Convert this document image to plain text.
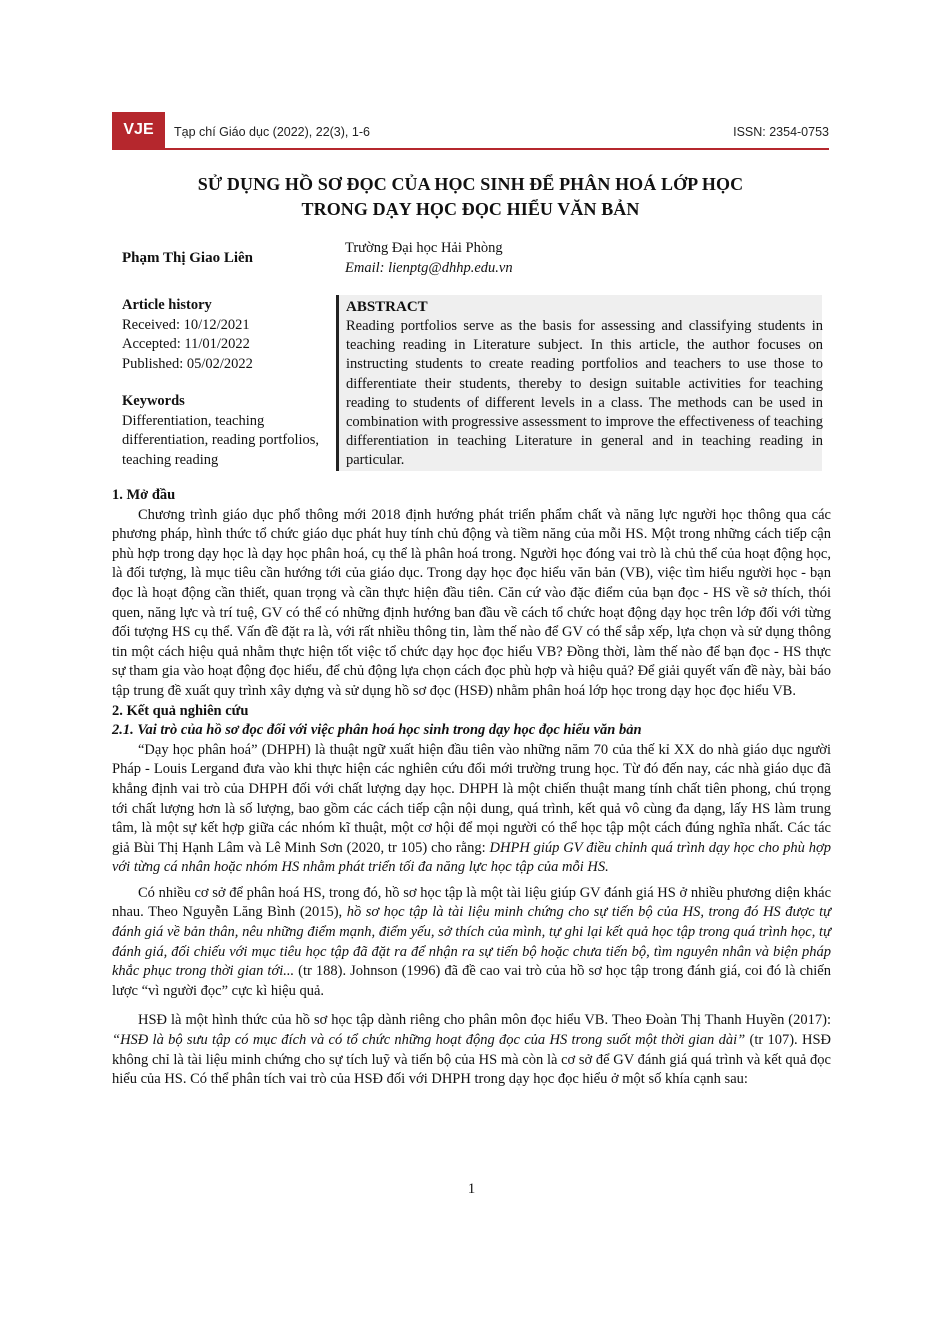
VJE	Tạp chí Giáo dục (2022), 22(3), 1-6	ISSN: 2354-0753
SỬ DỤNG HỒ SƠ ĐỌC CỦA HỌC SINH ĐỂ PHÂN HOÁ LỚP HỌC
TRONG DẠY HỌC ĐỌC HIỂU VĂN BẢN
Phạm Thị Giao Liên
Trường Đại học Hải Phòng
Email: lienptg@dhhp.edu.vn
Article history
Received: 10/12/2021
Accepted: 11/01/2022
Published: 05/02/2022
Keywords
Differentiation, teaching differentiation, reading portfolios, teaching reading
ABSTRACT
Reading portfolios serve as the basis for assessing and classifying students in teaching reading in Literature subject. In this article, the author focuses on instructing students to create reading portfolios and teachers to use those to differentiate their students, thereby to design suitable activities for teaching reading to students of different levels in a class. The methods can be used in combination with progressive assessment to improve the effectiveness of teaching differentiation in teaching Literature in general and in teaching reading in particular.

1. Mở đầu

Chương trình giáo dục phổ thông mới 2018 định hướng phát triển phẩm chất và năng lực người học thông qua các phương pháp, hình thức tổ chức giáo dục phát huy tính chủ động và tiềm năng của mỗi HS. Một trong những cách tiếp cận phù hợp trong dạy học là dạy học phân hoá, cụ thể là phân hoá trong. Người học đóng vai trò là chủ thể của hoạt động học, là đối tượng, là mục tiêu cần hướng tới của giáo dục. Trong dạy học đọc hiểu văn bản (VB), việc tìm hiểu người học - bạn đọc là hoạt động cần thiết, quan trọng và cần thực hiện đầu tiên. Căn cứ vào đặc điểm của bạn đọc - HS về sở thích, thói quen, năng lực và trí tuệ, GV có thể có những định hướng ban đầu về cách tổ chức hoạt động dạy học trên lớp đối với từng đối tượng HS cụ thể. Vấn đề đặt ra là, với rất nhiều thông tin, làm thế nào để GV có thể sắp xếp, lựa chọn và sử dụng thông tin một cách hiệu quả nhằm thực hiện tốt việc tổ chức dạy học đọc hiểu VB? Đồng thời, làm thế nào để bạn đọc - HS thực sự tham gia vào hoạt động đọc hiểu, để chủ động lựa chọn cách đọc phù hợp và hiệu quả? Để giải quyết vấn đề này, bài báo tập trung đề xuất quy trình xây dựng và sử dụng hồ sơ đọc (HSĐ) nhằm phân hoá lớp học trong dạy học đọc hiểu VB.

2. Kết quả nghiên cứu

2.1. Vai trò của hồ sơ đọc đối với việc phân hoá học sinh trong dạy học đọc hiểu văn bản

“Dạy học phân hoá” (DHPH) là thuật ngữ xuất hiện đầu tiên vào những năm 70 của thế kỉ XX do nhà giáo dục người Pháp - Louis Lergand đưa vào khi thực hiện các nghiên cứu đổi mới trường trung học. Từ đó đến nay, các nhà giáo dục đã khẳng định vai trò của DHPH đối với chất lượng dạy học. DHPH là một chiến thuật mang tính chất tiên phong, chú trọng tới chất lượng hơn là số lượng, bao gồm các cách tiếp cận nội dung, quá trình, kết quả vô cùng đa dạng, lấy HS làm trung tâm, là một sự kết hợp giữa các nhóm kĩ thuật, một cơ hội để mọi người có thể học tập một cách đúng nghĩa nhất. Các tác giả Bùi Thị Hạnh Lâm và Lê Minh Sơn (2020, tr 105) cho rằng: DHPH giúp GV điều chỉnh quá trình dạy học cho phù hợp với từng cá nhân hoặc nhóm HS nhằm phát triển tối đa năng lực học tập của mỗi HS.

Có nhiều cơ sở để phân hoá HS, trong đó, hồ sơ học tập là một tài liệu giúp GV đánh giá HS ở nhiều phương diện khác nhau. Theo Nguyễn Lăng Bình (2015), hồ sơ học tập là tài liệu minh chứng cho sự tiến bộ của HS, trong đó HS được tự đánh giá về bản thân, nêu những điểm mạnh, điểm yếu, sở thích của mình, tự ghi lại kết quả học tập trong quá trình học, tự đánh giá, đối chiếu với mục tiêu học tập đã đặt ra để nhận ra sự tiến bộ hoặc chưa tiến bộ, tìm nguyên nhân và biện pháp khắc phục trong thời gian tới... (tr 188). Johnson (1996) đã đề cao vai trò của hồ sơ học tập trong đánh giá, coi đó là chiến lược “vì người đọc” cực kì hiệu quả.

HSĐ là một hình thức của hồ sơ học tập dành riêng cho phân môn đọc hiểu VB. Theo Đoàn Thị Thanh Huyền (2017): “HSĐ là bộ sưu tập có mục đích và có tổ chức những hoạt động đọc của HS trong suốt một thời gian dài” (tr 107). HSĐ không chỉ là tài liệu minh chứng cho sự tích luỹ và tiến bộ của HS mà còn là cơ sở để GV đánh giá quá trình và kết quả đọc hiểu của HS. Có thể phân tích vai trò của HSĐ đối với DHPH trong dạy học đọc hiểu ở một số khía cạnh sau:

1
